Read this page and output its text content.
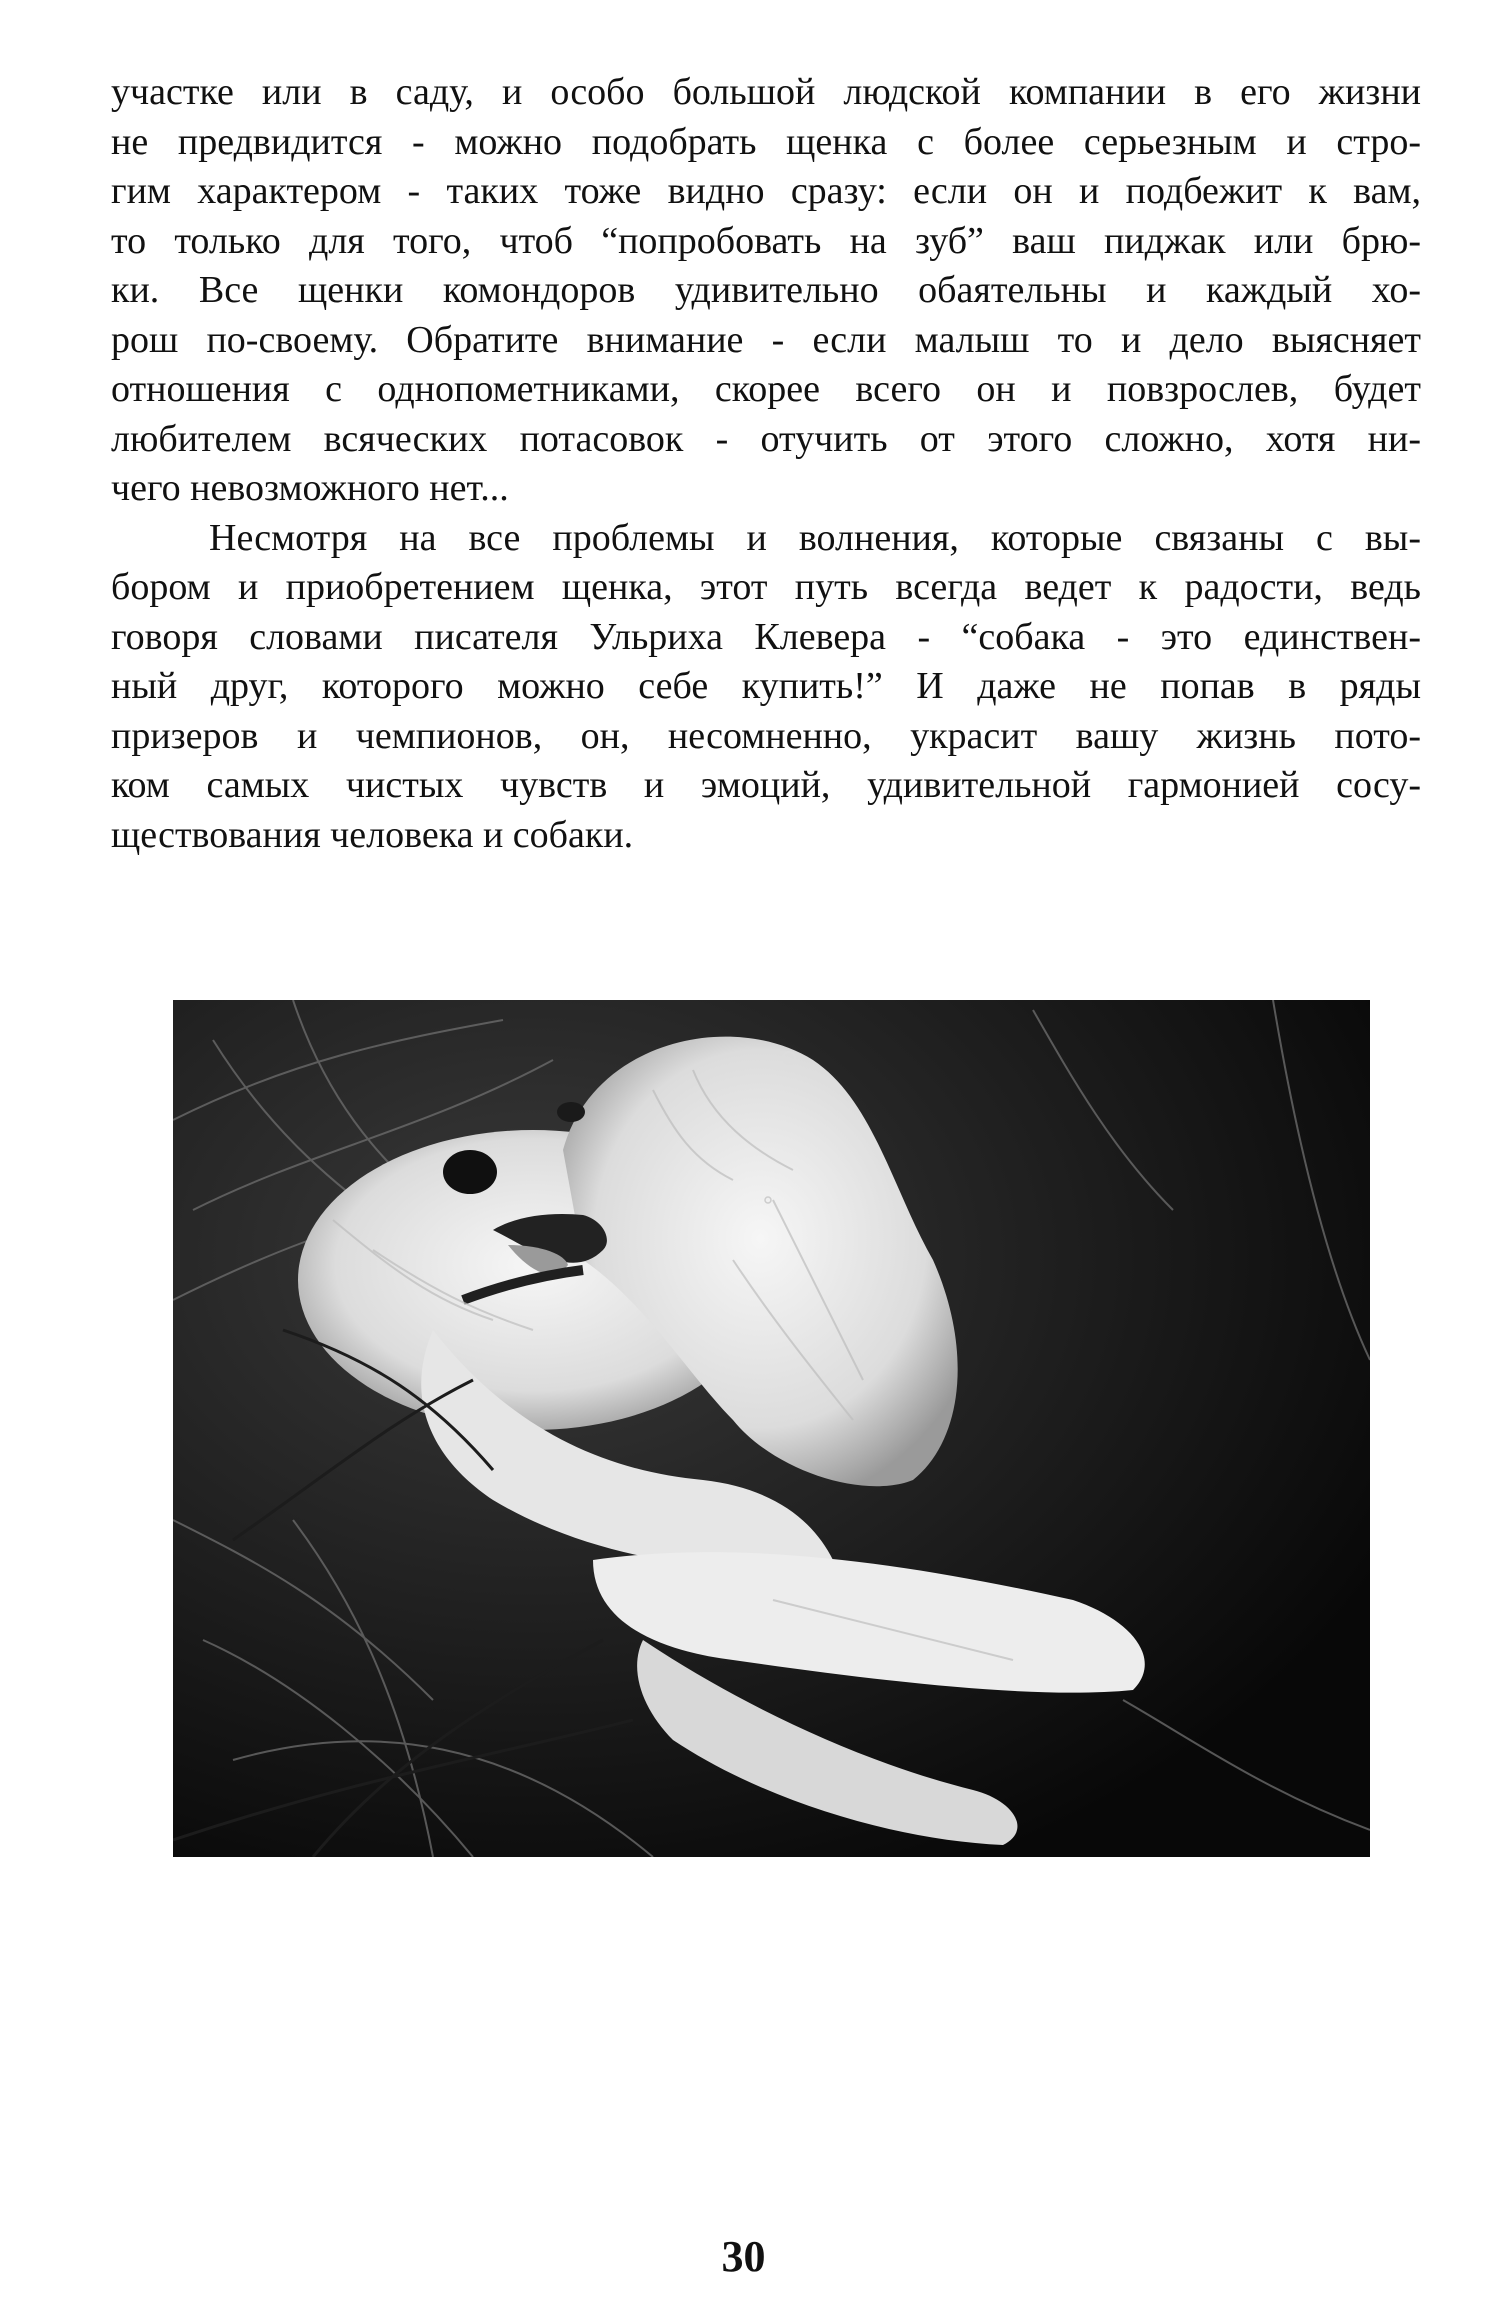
участке или в саду, и особо большой людской компании в его жизни
не предвидится - можно подобрать щенка с более серьезным и стро-
гим характером - таких тоже видно сразу: если он и подбежит к вам,
то только для того, чтоб “попробовать на зуб” ваш пиджак или брю-
ки. Все щенки комондоров удивительно обаятельны и каждый хо-
рош по-своему. Обратите внимание - если малыш то и дело выясняет
отношения с однопометниками, скорее всего он и повзрослев, будет
любителем всяческих потасовок - отучить от этого сложно, хотя ни-
чего невозможного нет...
Несмотря на все проблемы и волнения, которые связаны с вы-
бором и приобретением щенка, этот путь всегда ведет к радости, ведь
говоря словами писателя Ульриха Клевера - “собака - это единствен-
ный друг, которого можно себе купить!” И даже не попав в ряды
призеров и чемпионов, он, несомненно, украсит вашу жизнь пото-
ком самых чистых чувств и эмоций, удивительной гармонией сосу-
ществования человека и собаки.
30
